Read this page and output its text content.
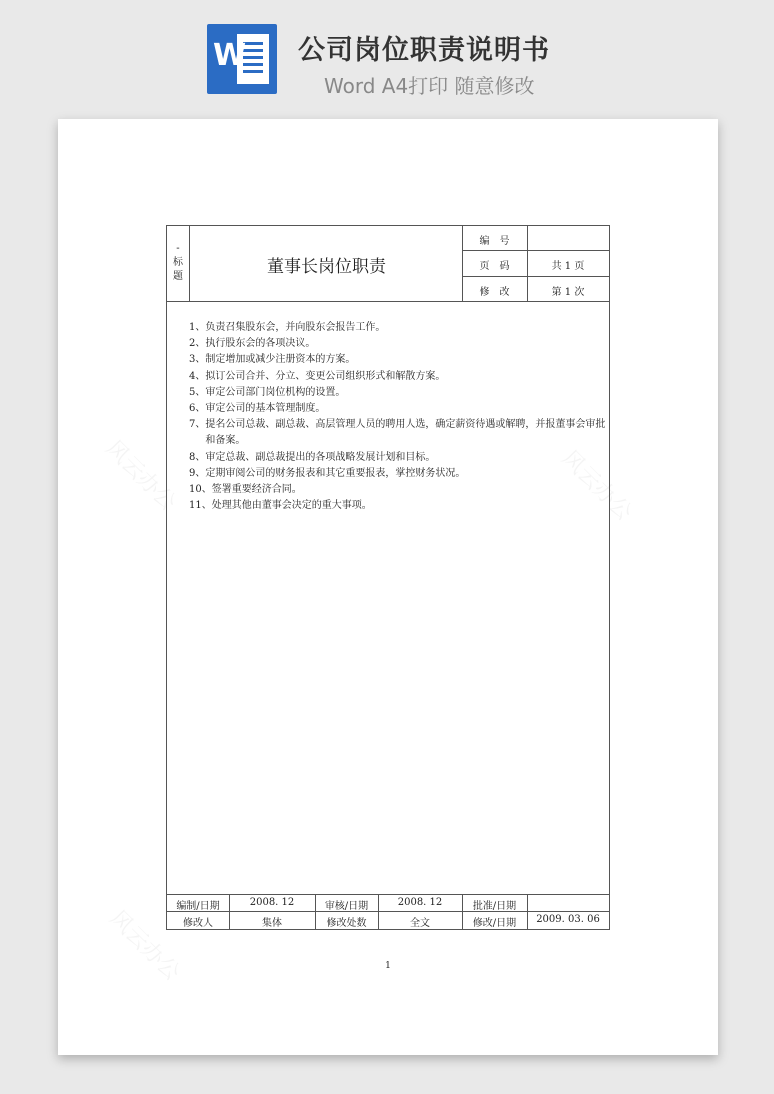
W 公司岗位职责说明书
Word A4打印 随意修改
风云办公
风云办公	风云办公
-
标
题	董事长岗位职责
编　号
页　码	共 1 页
修　改	第 1 次
1、 负责召集股东会，并向股东会报告工作。
2、 执行股东会的各项决议。
3、 制定增加或减少注册资本的方案。
4、 拟订公司合并、分立、变更公司组织形式和解散方案。
5、 审定公司部门岗位机构的设置。
6、 审定公司的基本管理制度。
7、 提名公司总裁、副总裁、高层管理人员的聘用人选，确定薪资待遇或解聘，并报董事会审批和备案。
8、 审定总裁、副总裁提出的各项战略发展计划和目标。
9、 定期审阅公司的财务报表和其它重要报表，掌控财务状况。
10、 签署重要经济合同。
11、 处理其他由董事会决定的重大事项。
编制/日期	2008. 12	审核/日期	2008. 12	批准/日期
修改人	集体	修改处数	全文	修改/日期	2009. 03. 06
1
